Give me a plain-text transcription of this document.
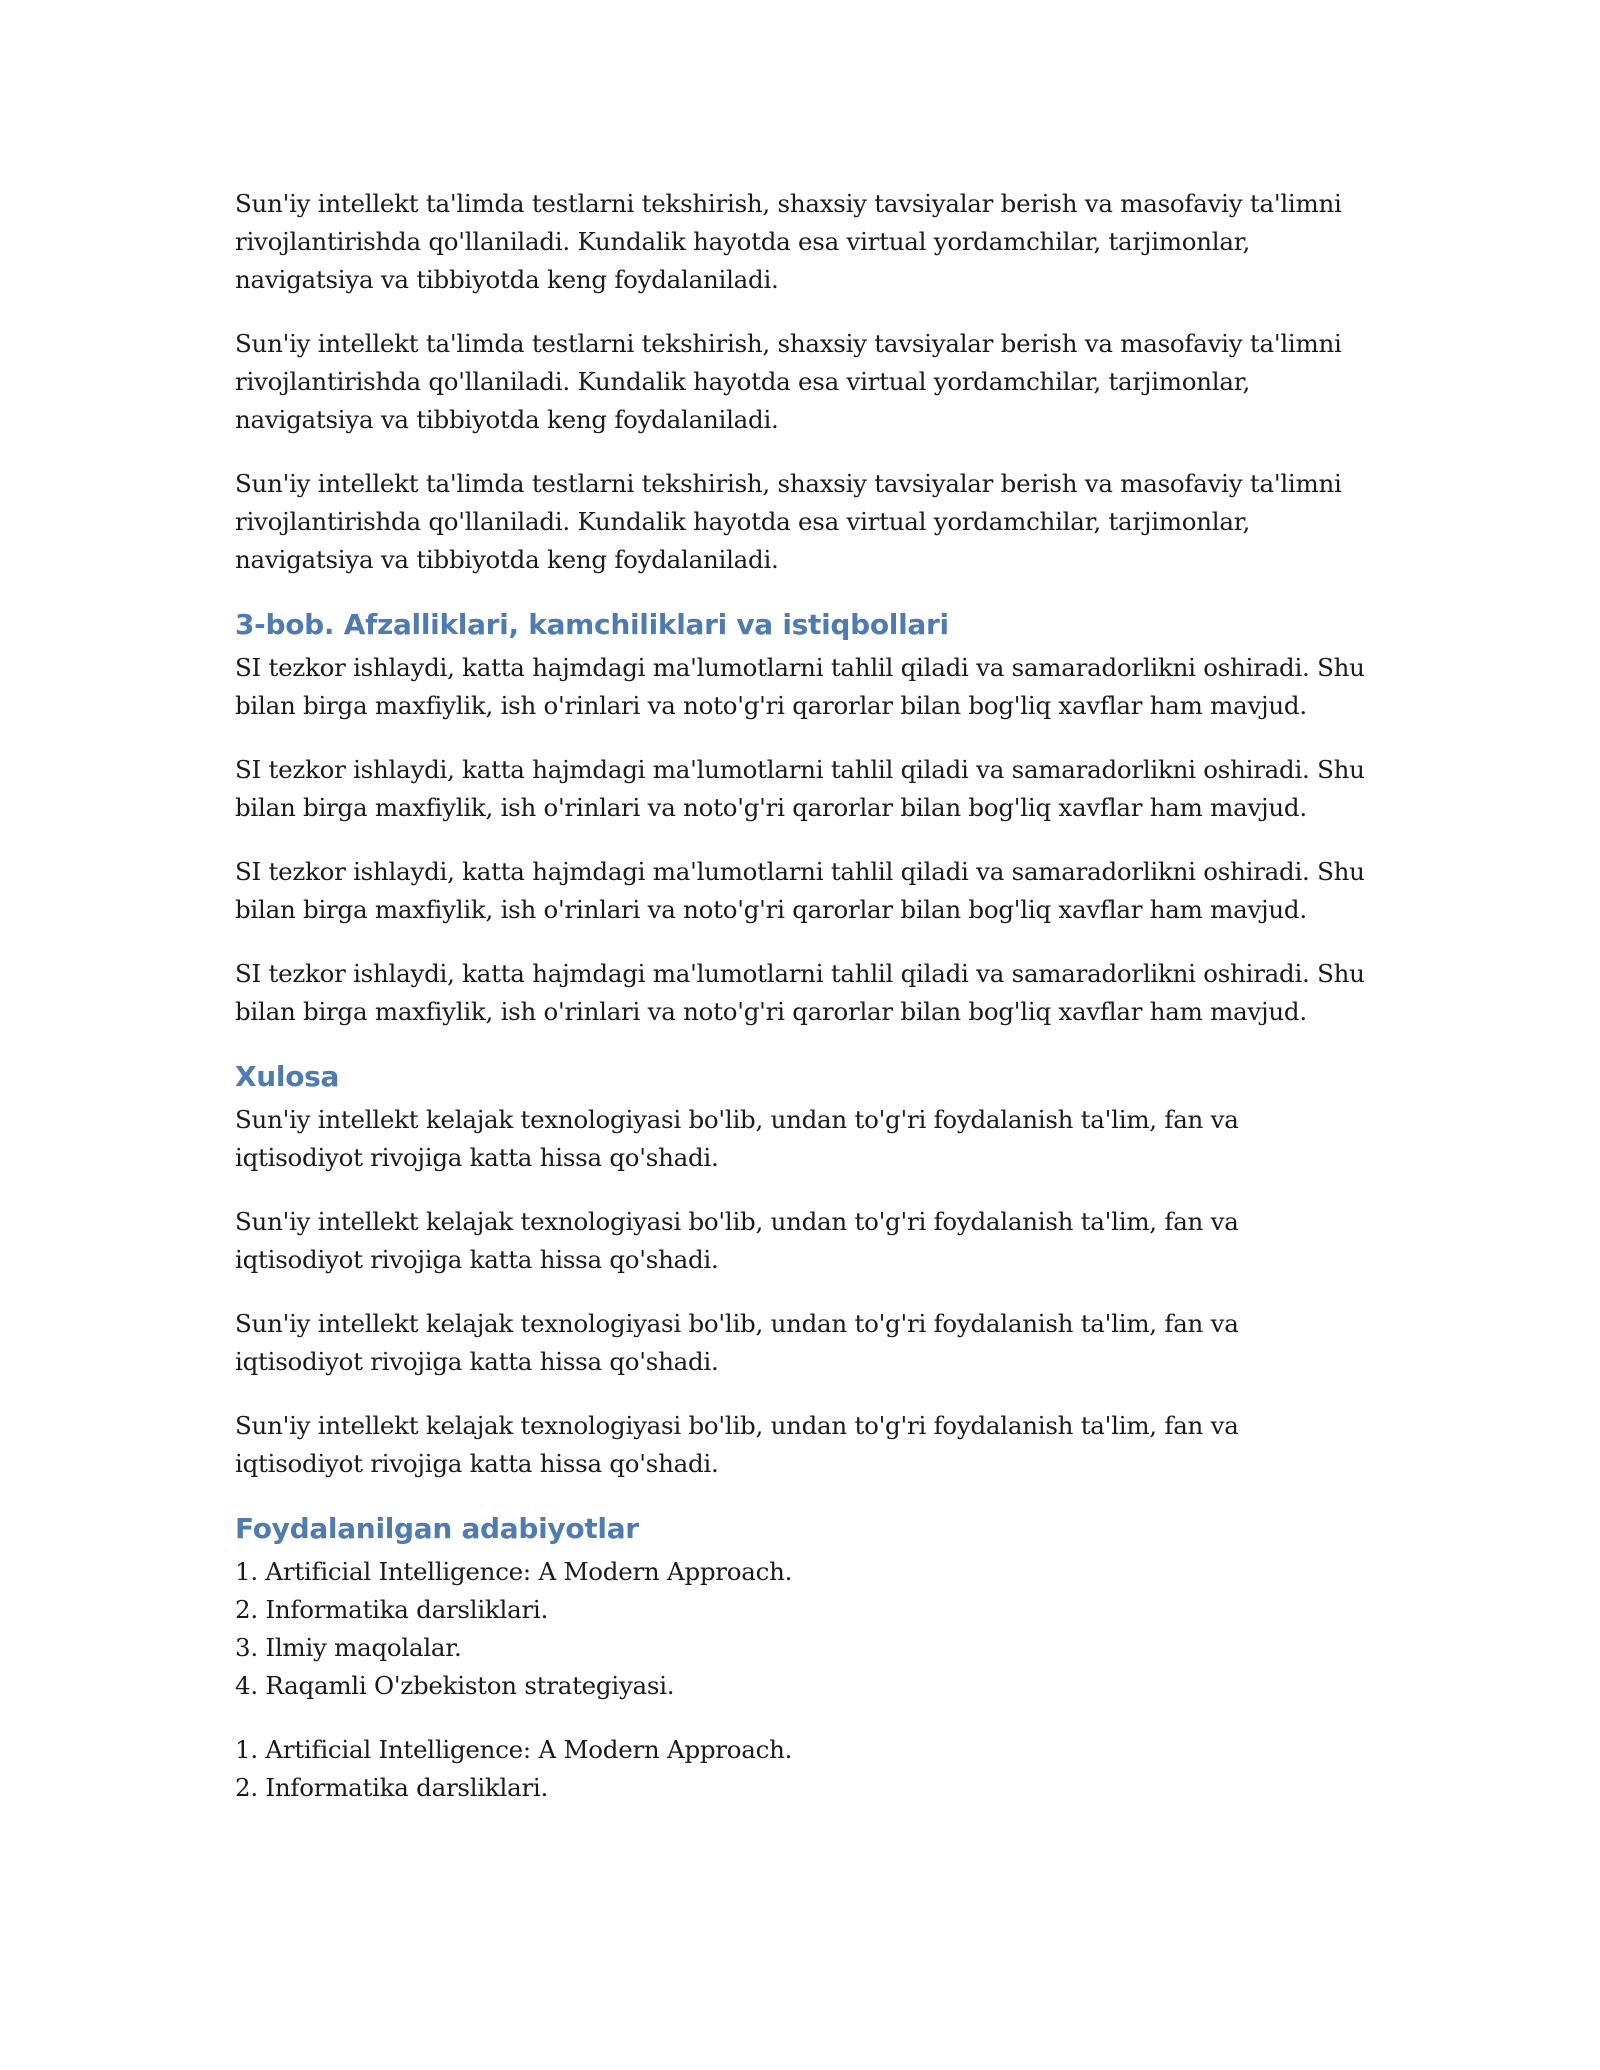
Sun'iy intellekt ta'limda testlarni tekshirish, shaxsiy tavsiyalar berish va masofaviy ta'limni rivojlantirishda qo'llaniladi. Kundalik hayotda esa virtual yordamchilar, tarjimonlar, navigatsiya va tibbiyotda keng foydalaniladi.

Sun'iy intellekt ta'limda testlarni tekshirish, shaxsiy tavsiyalar berish va masofaviy ta'limni rivojlantirishda qo'llaniladi. Kundalik hayotda esa virtual yordamchilar, tarjimonlar, navigatsiya va tibbiyotda keng foydalaniladi.

Sun'iy intellekt ta'limda testlarni tekshirish, shaxsiy tavsiyalar berish va masofaviy ta'limni rivojlantirishda qo'llaniladi. Kundalik hayotda esa virtual yordamchilar, tarjimonlar, navigatsiya va tibbiyotda keng foydalaniladi.

3-bob. Afzalliklari, kamchiliklari va istiqbollari

SI tezkor ishlaydi, katta hajmdagi ma'lumotlarni tahlil qiladi va samaradorlikni oshiradi. Shu bilan birga maxfiylik, ish o'rinlari va noto'g'ri qarorlar bilan bog'liq xavflar ham mavjud.

SI tezkor ishlaydi, katta hajmdagi ma'lumotlarni tahlil qiladi va samaradorlikni oshiradi. Shu bilan birga maxfiylik, ish o'rinlari va noto'g'ri qarorlar bilan bog'liq xavflar ham mavjud.

SI tezkor ishlaydi, katta hajmdagi ma'lumotlarni tahlil qiladi va samaradorlikni oshiradi. Shu bilan birga maxfiylik, ish o'rinlari va noto'g'ri qarorlar bilan bog'liq xavflar ham mavjud.

SI tezkor ishlaydi, katta hajmdagi ma'lumotlarni tahlil qiladi va samaradorlikni oshiradi. Shu bilan birga maxfiylik, ish o'rinlari va noto'g'ri qarorlar bilan bog'liq xavflar ham mavjud.

Xulosa

Sun'iy intellekt kelajak texnologiyasi bo'lib, undan to'g'ri foydalanish ta'lim, fan va iqtisodiyot rivojiga katta hissa qo'shadi.

Sun'iy intellekt kelajak texnologiyasi bo'lib, undan to'g'ri foydalanish ta'lim, fan va iqtisodiyot rivojiga katta hissa qo'shadi.

Sun'iy intellekt kelajak texnologiyasi bo'lib, undan to'g'ri foydalanish ta'lim, fan va iqtisodiyot rivojiga katta hissa qo'shadi.

Sun'iy intellekt kelajak texnologiyasi bo'lib, undan to'g'ri foydalanish ta'lim, fan va iqtisodiyot rivojiga katta hissa qo'shadi.

Foydalanilgan adabiyotlar
1. Artificial Intelligence: A Modern Approach.
2. Informatika darsliklari.
3. Ilmiy maqolalar.
4. Raqamli O'zbekiston strategiyasi.
1. Artificial Intelligence: A Modern Approach.
2. Informatika darsliklari.
